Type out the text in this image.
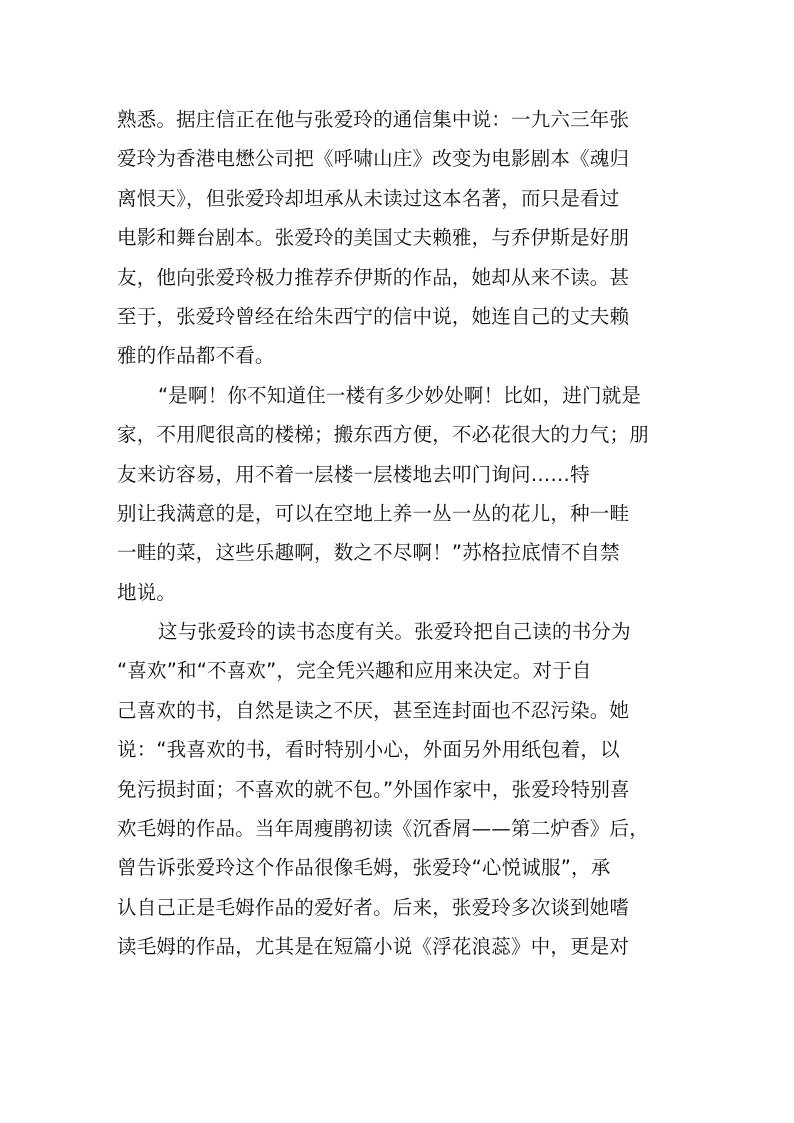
熟悉。据庄信正在他与张爱玲的通信集中说：一九六三年张
爱玲为香港电懋公司把《呼啸山庄》改变为电影剧本《魂归
离恨天》，但张爱玲却坦承从未读过这本名著，而只是看过
电影和舞台剧本。张爱玲的美国丈夫赖雅，与乔伊斯是好朋
友，他向张爱玲极力推荐乔伊斯的作品，她却从来不读。甚
至于，张爱玲曾经在给朱西宁的信中说，她连自己的丈夫赖
雅的作品都不看。
“是啊！你不知道住一楼有多少妙处啊！比如，进门就是
家，不用爬很高的楼梯；搬东西方便，不必花很大的力气；朋
友来访容易，用不着一层楼一层楼地去叩门询问……特
别让我满意的是，可以在空地上养一丛一丛的花儿，种一畦
一畦的菜，这些乐趣啊，数之不尽啊！”苏格拉底情不自禁
地说。
这与张爱玲的读书态度有关。张爱玲把自己读的书分为
“喜欢”和“不喜欢”，完全凭兴趣和应用来决定。对于自
己喜欢的书，自然是读之不厌，甚至连封面也不忍污染。她
说：“我喜欢的书，看时特别小心，外面另外用纸包着，以
免污损封面；不喜欢的就不包。”外国作家中，张爱玲特别喜
欢毛姆的作品。当年周瘦鹃初读《沉香屑——第二炉香》后，
曾告诉张爱玲这个作品很像毛姆，张爱玲“心悦诚服”，承
认自己正是毛姆作品的爱好者。后来，张爱玲多次谈到她嗜
读毛姆的作品，尤其是在短篇小说《浮花浪蕊》中，更是对
